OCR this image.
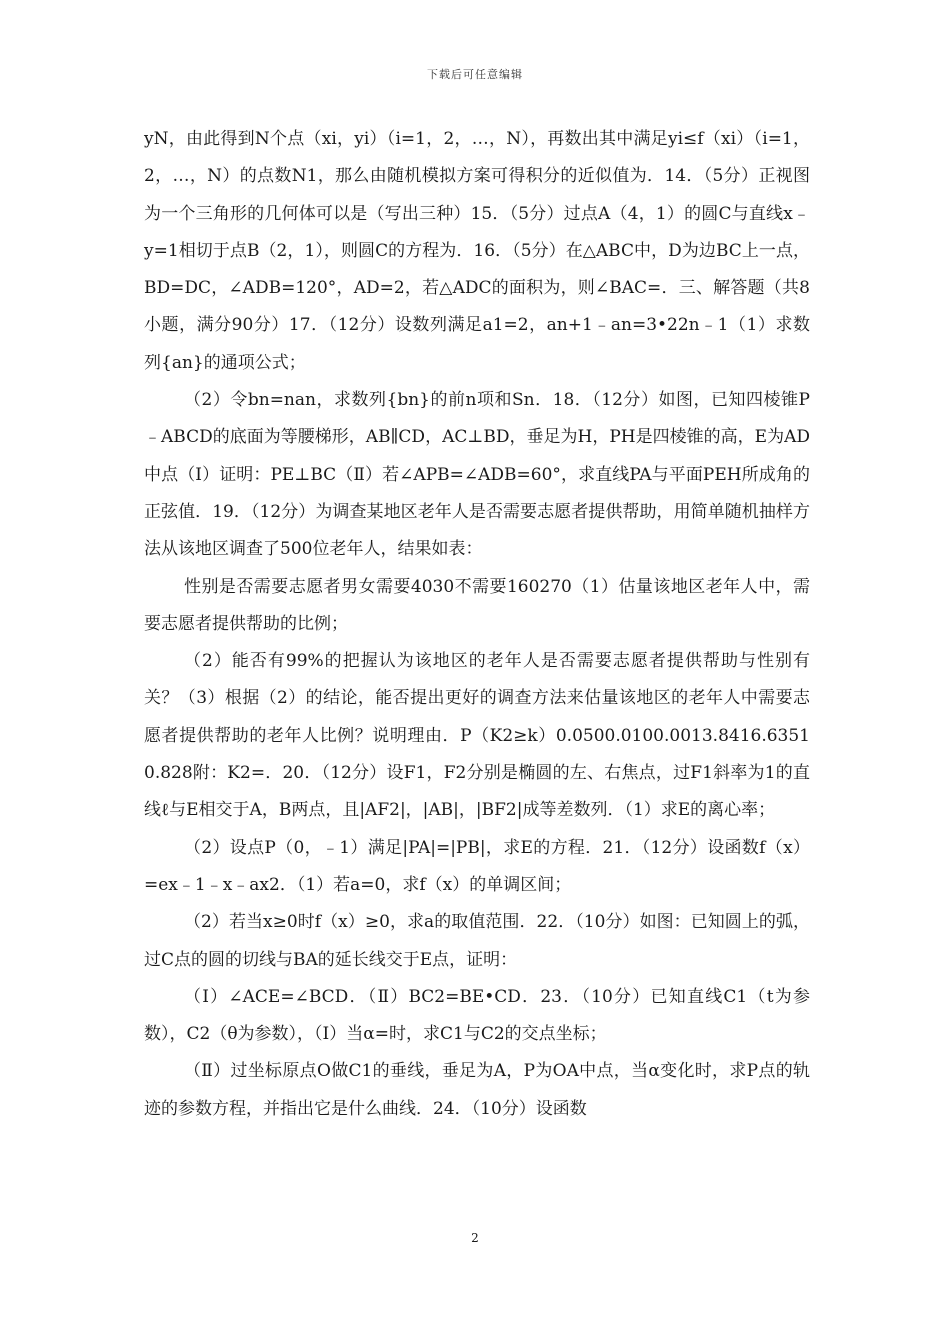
下载后可任意编辑

yN，由此得到N个点（xi，yi）（i=1，2，…，N），再数出其中满足yi≤f（xi）（i=1，2，…，N）的点数N1，那么由随机模拟方案可得积分的近似值为．14．（5分）正视图为一个三角形的几何体可以是（写出三种）15．（5分）过点A（4，1）的圆C与直线x﹣y=1相切于点B（2，1），则圆C的方程为．16．（5分）在△ABC中，D为边BC上一点，BD=DC，∠ADB=120°，AD=2，若△ADC的面积为，则∠BAC=．三、解答题（共8小题，满分90分）17．（12分）设数列满足a1=2，an+1﹣an=3•22n﹣1（1）求数列{an}的通项公式；

（2）令bn=nan，求数列{bn}的前n项和Sn．18．（12分）如图，已知四棱锥P﹣ABCD的底面为等腰梯形，AB∥CD，AC⊥BD，垂足为H，PH是四棱锥的高，E为AD中点（Ⅰ）证明：PE⊥BC（Ⅱ）若∠APB=∠ADB=60°，求直线PA与平面PEH所成角的正弦值．19．（12分）为调查某地区老年人是否需要志愿者提供帮助，用简单随机抽样方法从该地区调查了500位老年人，结果如表：

性别是否需要志愿者男女需要4030不需要160270（1）估量该地区老年人中，需要志愿者提供帮助的比例；

（2）能否有99%的把握认为该地区的老年人是否需要志愿者提供帮助与性别有关？（3）根据（2）的结论，能否提出更好的调查方法来估量该地区的老年人中需要志愿者提供帮助的老年人比例？说明理由．P（K2≥k）0.0500.0100.0013.8416.63510.828附：K2=．20．（12分）设F1，F2分别是椭圆的左、右焦点，过F1斜率为1的直线ℓ与E相交于A，B两点，且|AF2|，|AB|，|BF2|成等差数列．（1）求E的离心率；

（2）设点P（0，﹣1）满足|PA|=|PB|，求E的方程．21．（12分）设函数f（x）=ex﹣1﹣x﹣ax2．（1）若a=0，求f（x）的单调区间；

（2）若当x≥0时f（x）≥0，求a的取值范围．22．（10分）如图：已知圆上的弧，过C点的圆的切线与BA的延长线交于E点，证明：

（Ⅰ）∠ACE=∠BCD．（Ⅱ）BC2=BE•CD．23．（10分）已知直线C1（t为参数），C2（θ为参数），（Ⅰ）当α=时，求C1与C2的交点坐标；

（Ⅱ）过坐标原点O做C1的垂线，垂足为A，P为OA中点，当α变化时，求P点的轨迹的参数方程，并指出它是什么曲线．24．（10分）设函数

2
